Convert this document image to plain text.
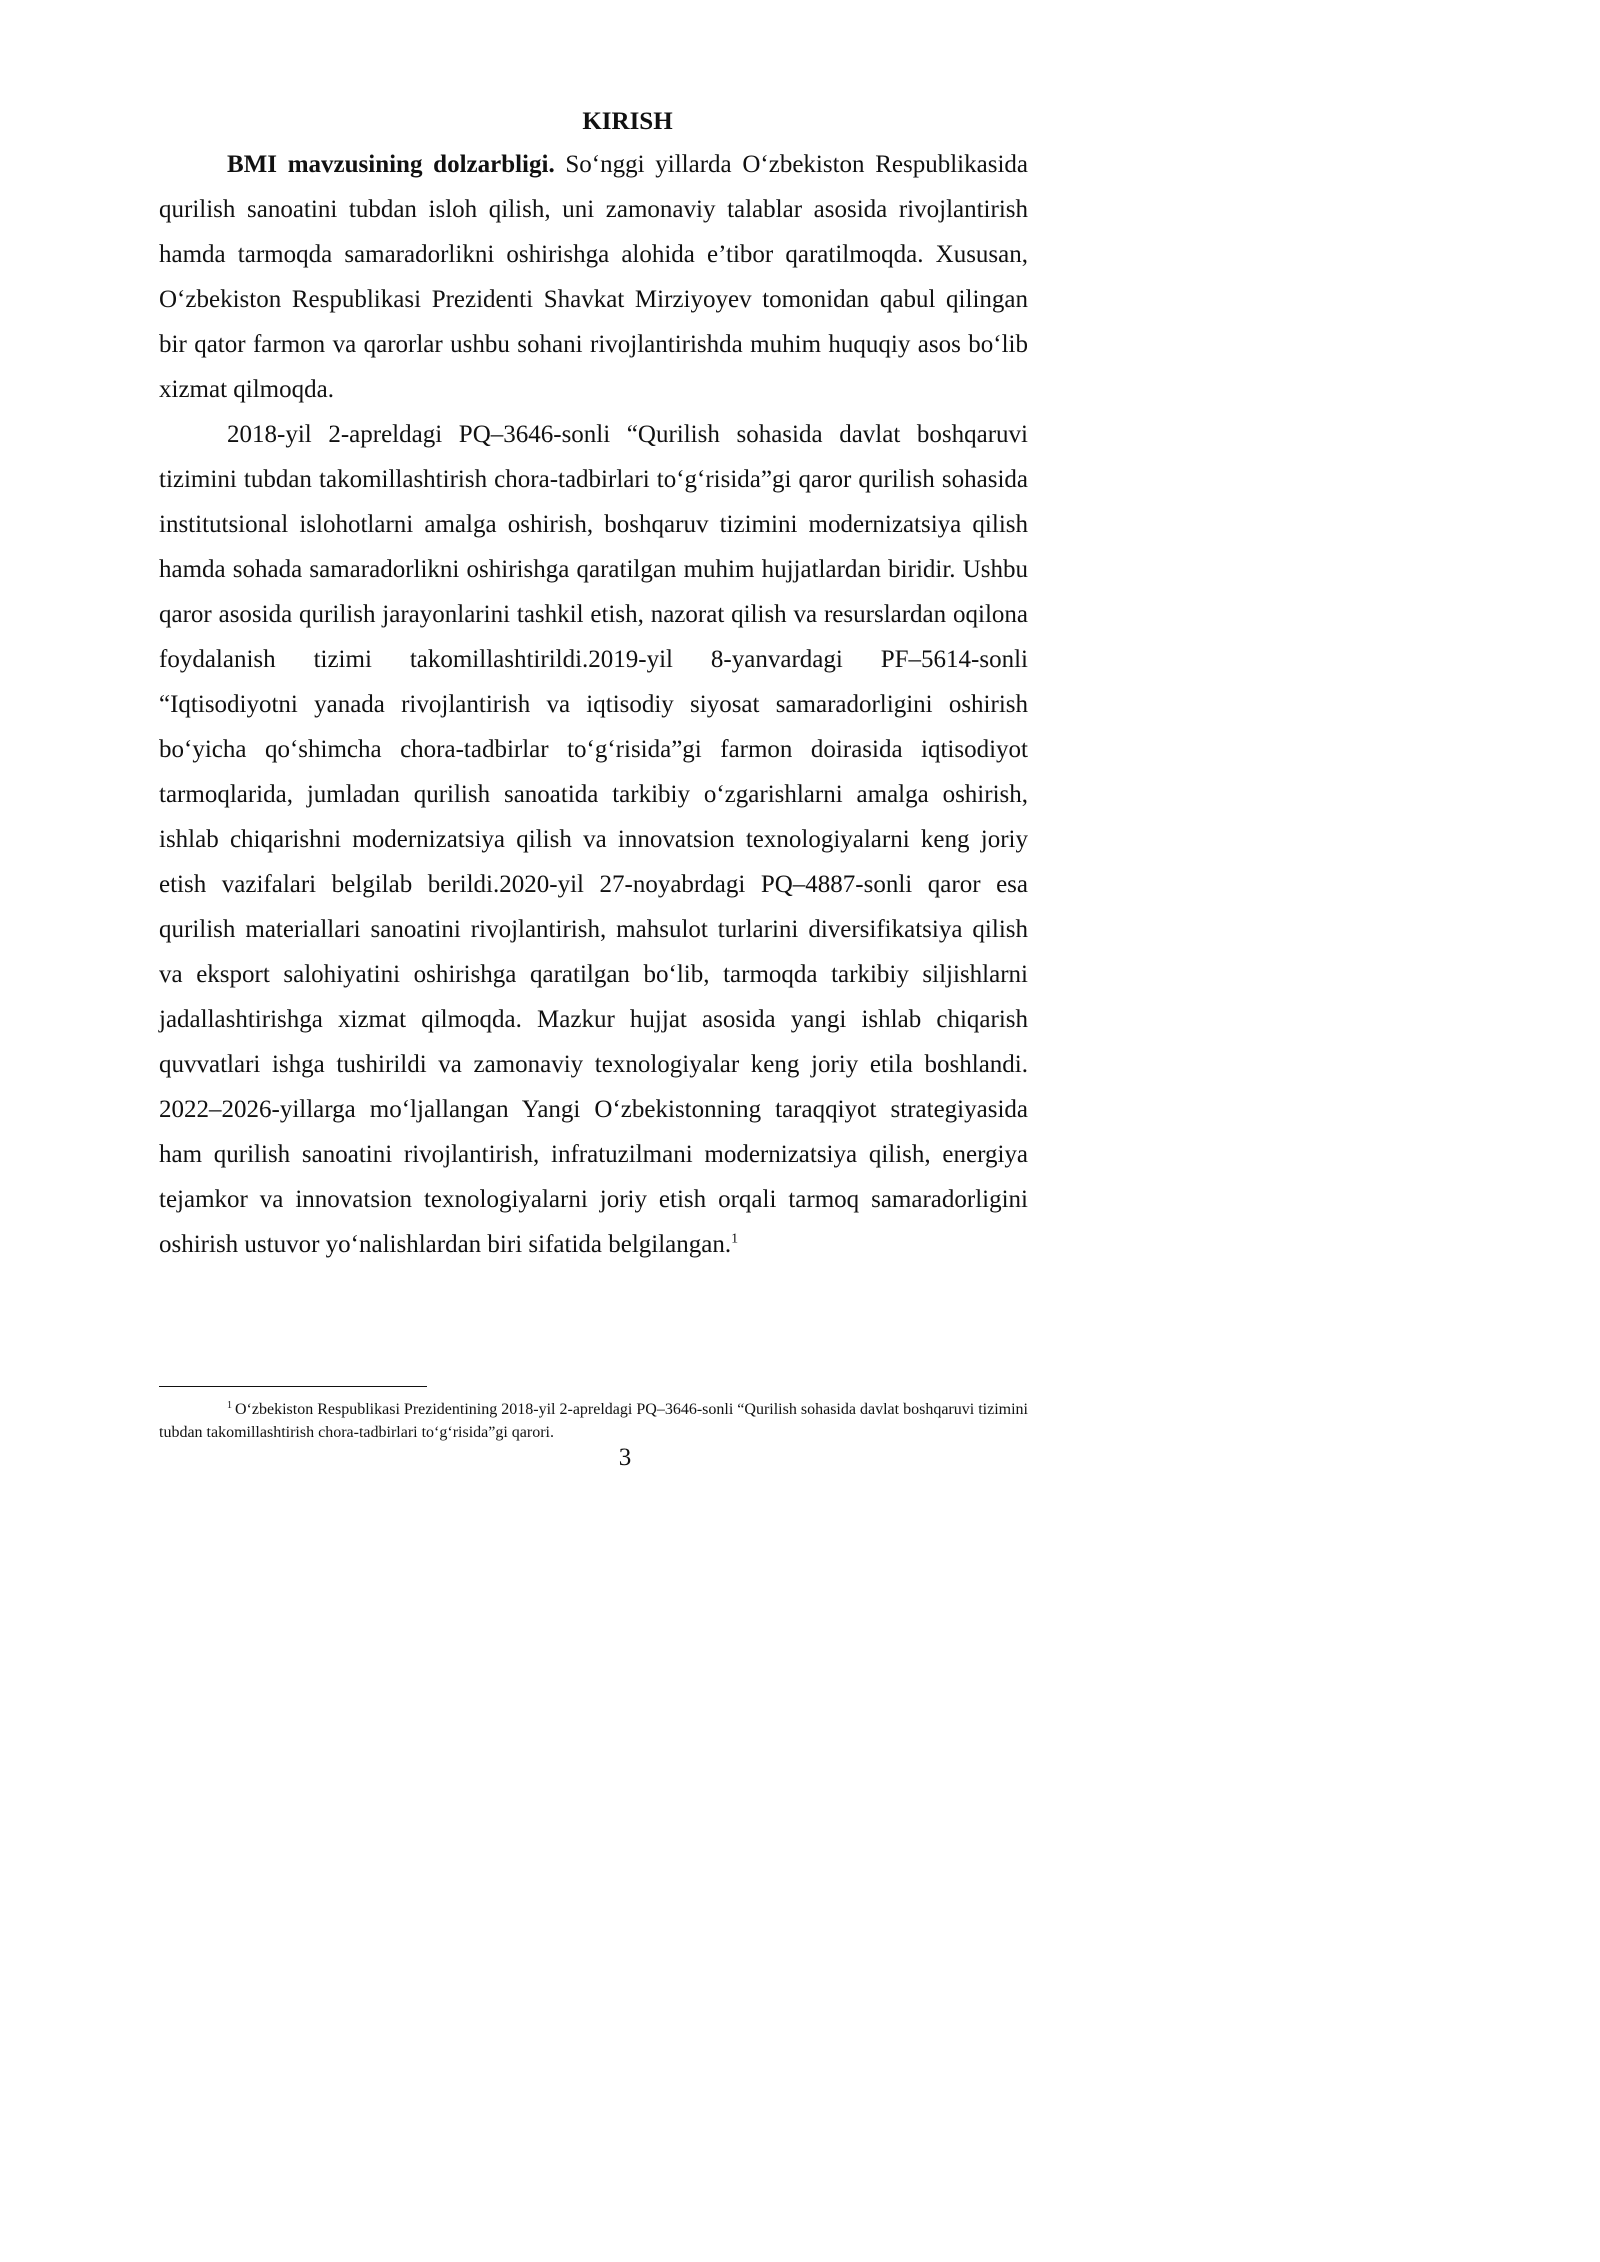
KIRISH

BMI mavzusining dolzarbligi. So‘nggi yillarda O‘zbekiston Respublikasida qurilish sanoatini tubdan isloh qilish, uni zamonaviy talablar asosida rivojlantirish hamda tarmoqda samaradorlikni oshirishga alohida e’tibor qaratilmoqda. Xususan, O‘zbekiston Respublikasi Prezidenti Shavkat Mirziyoyev tomonidan qabul qilingan bir qator farmon va qarorlar ushbu sohani rivojlantirishda muhim huquqiy asos bo‘lib xizmat qilmoqda.

2018-yil 2-apreldagi PQ–3646-sonli “Qurilish sohasida davlat boshqaruvi tizimini tubdan takomillashtirish chora-tadbirlari to‘g‘risida”gi qaror qurilish sohasida institutsional islohotlarni amalga oshirish, boshqaruv tizimini modernizatsiya qilish hamda sohada samaradorlikni oshirishga qaratilgan muhim hujjatlardan biridir. Ushbu qaror asosida qurilish jarayonlarini tashkil etish, nazorat qilish va resurslardan oqilona foydalanish tizimi takomillashtirildi.2019-yil 8-yanvardagi PF–5614-sonli “Iqtisodiyotni yanada rivojlantirish va iqtisodiy siyosat samaradorligini oshirish bo‘yicha qo‘shimcha chora-tadbirlar to‘g‘risida”gi farmon doirasida iqtisodiyot tarmoqlarida, jumladan qurilish sanoatida tarkibiy o‘zgarishlarni amalga oshirish, ishlab chiqarishni modernizatsiya qilish va innovatsion texnologiyalarni keng joriy etish vazifalari belgilab berildi.2020-yil 27-noyabrdagi PQ–4887-sonli qaror esa qurilish materiallari sanoatini rivojlantirish, mahsulot turlarini diversifikatsiya qilish va eksport salohiyatini oshirishga qaratilgan bo‘lib, tarmoqda tarkibiy siljishlarni jadallashtirishga xizmat qilmoqda. Mazkur hujjat asosida yangi ishlab chiqarish quvvatlari ishga tushirildi va zamonaviy texnologiyalar keng joriy etila boshlandi. 2022–2026-yillarga mo‘ljallangan Yangi O‘zbekistonning taraqqiyot strategiyasida ham qurilish sanoatini rivojlantirish, infratuzilmani modernizatsiya qilish, energiya tejamkor va innovatsion texnologiyalarni joriy etish orqali tarmoq samaradorligini oshirish ustuvor yo‘nalishlardan biri sifatida belgilangan.$^1$

$^1$ O‘zbekiston Respublikasi Prezidentining 2018-yil 2-apreldagi PQ–3646-sonli “Qurilish sohasida davlat boshqaruvi tizimini tubdan takomillashtirish chora-tadbirlari to‘g‘risida”gi qarori.

3
